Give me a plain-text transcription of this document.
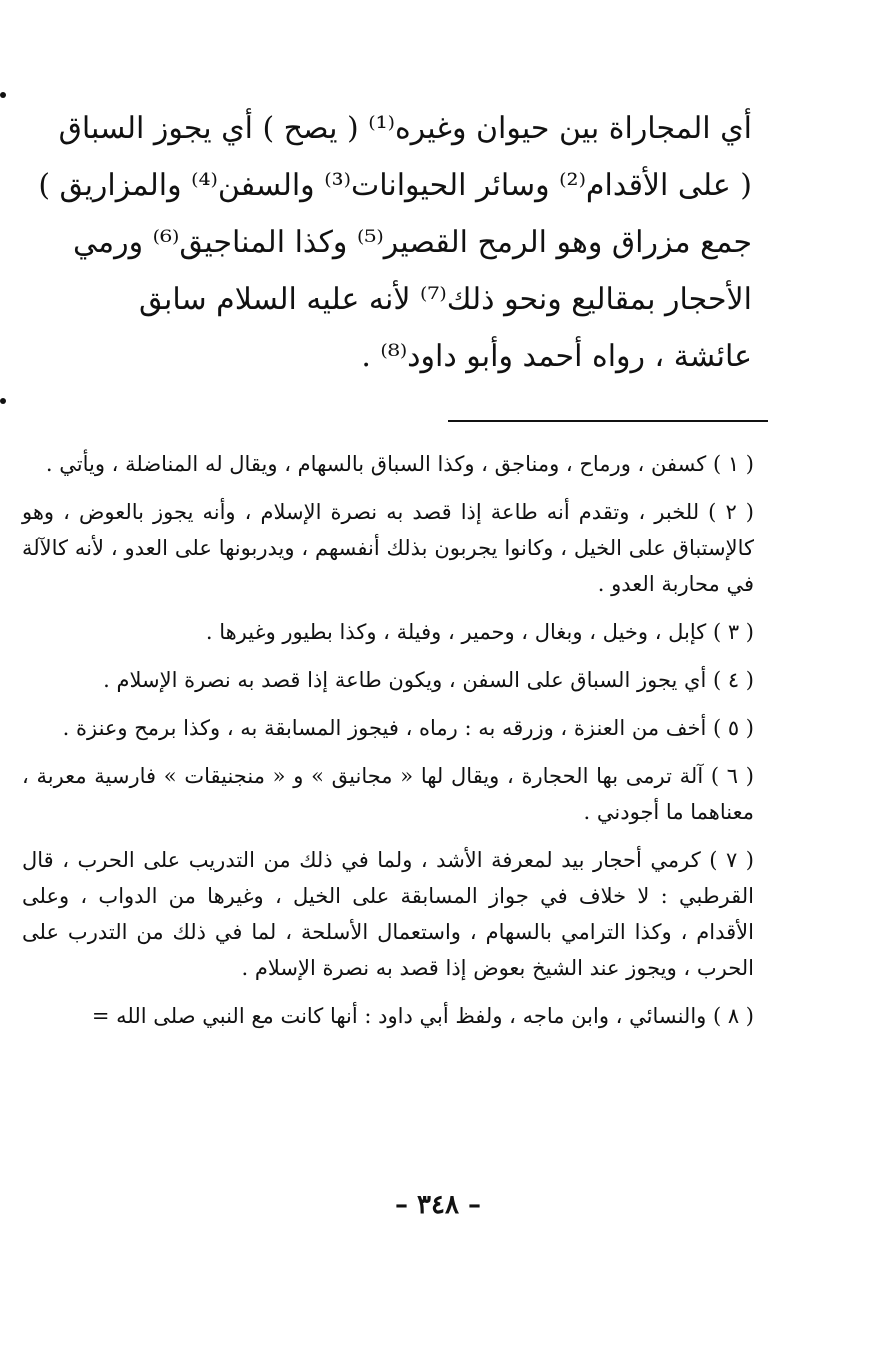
أي المجاراة بين حيوان وغيره⁽¹⁾ ( يصح ) أي يجوز السباق
( على الأقدام⁽²⁾ وسائر الحيوانات⁽³⁾ والسفن⁽⁴⁾ والمزاريق )
جمع مزراق وهو الرمح القصير⁽⁵⁾ وكذا المناجيق⁽⁶⁾ ورمي
الأحجار بمقاليع ونحو ذلك⁽⁷⁾ لأنه عليه السلام سابق
عائشة ، رواه أحمد وأبو داود⁽⁸⁾ .

( ١ ) كسفن ، ورماح ، ومناجق ، وكذا السباق بالسهام ، ويقال له المناضلة ، ويأتي .

( ٢ ) للخبر ، وتقدم أنه طاعة إذا قصد به نصرة الإسلام ، وأنه يجوز بالعوض ، وهو كالإستباق على الخيل ، وكانوا يجربون بذلك أنفسهم ، ويدربونها على العدو ، لأنه كالآلة في محاربة العدو .

( ٣ ) كإبل ، وخيل ، وبغال ، وحمير ، وفيلة ، وكذا بطيور وغيرها .

( ٤ ) أي يجوز السباق على السفن ، ويكون طاعة إذا قصد به نصرة الإسلام .

( ٥ ) أخف من العنزة ، وزرقه به : رماه ، فيجوز المسابقة به ، وكذا برمح وعنزة .

( ٦ ) آلة ترمى بها الحجارة ، ويقال لها « مجانيق » و « منجنيقات » فارسية معربة ، معناهما ما أجودني .

( ٧ ) كرمي أحجار بيد لمعرفة الأشد ، ولما في ذلك من التدريب على الحرب ، قال القرطبي : لا خلاف في جواز المسابقة على الخيل ، وغيرها من الدواب ، وعلى الأقدام ، وكذا الترامي بالسهام ، واستعمال الأسلحة ، لما في ذلك من التدرب على الحرب ، ويجوز عند الشيخ بعوض إذا قصد به نصرة الإسلام .

( ٨ ) والنسائي ، وابن ماجه ، ولفظ أبي داود : أنها كانت مع النبي صلى الله =

– ٣٤٨ –
